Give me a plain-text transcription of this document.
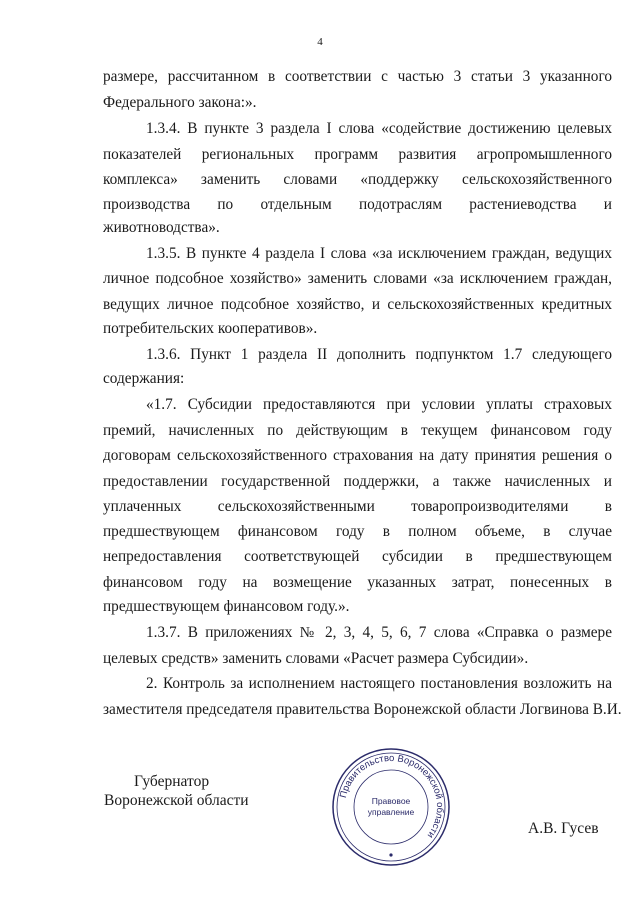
4

размере, рассчитанном в соответствии с частью 3 статьи 3 указанного

Федерального закона:».

1.3.4. В пункте 3 раздела I слова «содействие достижению целевых

показателей региональных программ развития агропромышленного

комплекса» заменить словами «поддержку сельскохозяйственного

производства по отдельным подотраслям растениеводства и

животноводства».

1.3.5. В пункте 4 раздела I слова «за исключением граждан, ведущих

личное подсобное хозяйство» заменить словами «за исключением граждан,

ведущих личное подсобное хозяйство, и сельскохозяйственных кредитных

потребительских кооперативов».

1.3.6. Пункт 1 раздела II дополнить подпунктом 1.7 следующего

содержания:

«1.7. Субсидии предоставляются при условии уплаты страховых

премий, начисленных по действующим в текущем финансовом году

договорам сельскохозяйственного страхования на дату принятия решения о

предоставлении государственной поддержки, а также начисленных и

уплаченных сельскохозяйственными товаропроизводителями в

предшествующем финансовом году в полном объеме, в случае

непредоставления соответствующей субсидии в предшествующем

финансовом году на возмещение указанных затрат, понесенных в

предшествующем финансовом году.».

1.3.7. В приложениях № 2, 3, 4, 5, 6, 7 слова «Справка о размере

целевых средств» заменить словами «Расчет размера Субсидии».

2. Контроль за исполнением настоящего постановления возложить на

заместителя председателя правительства Воронежской области Логвинова В.И.

Губернатор
Воронежской области
А.В. Гусев
Правительство Воронежской области
Правовое
управление
